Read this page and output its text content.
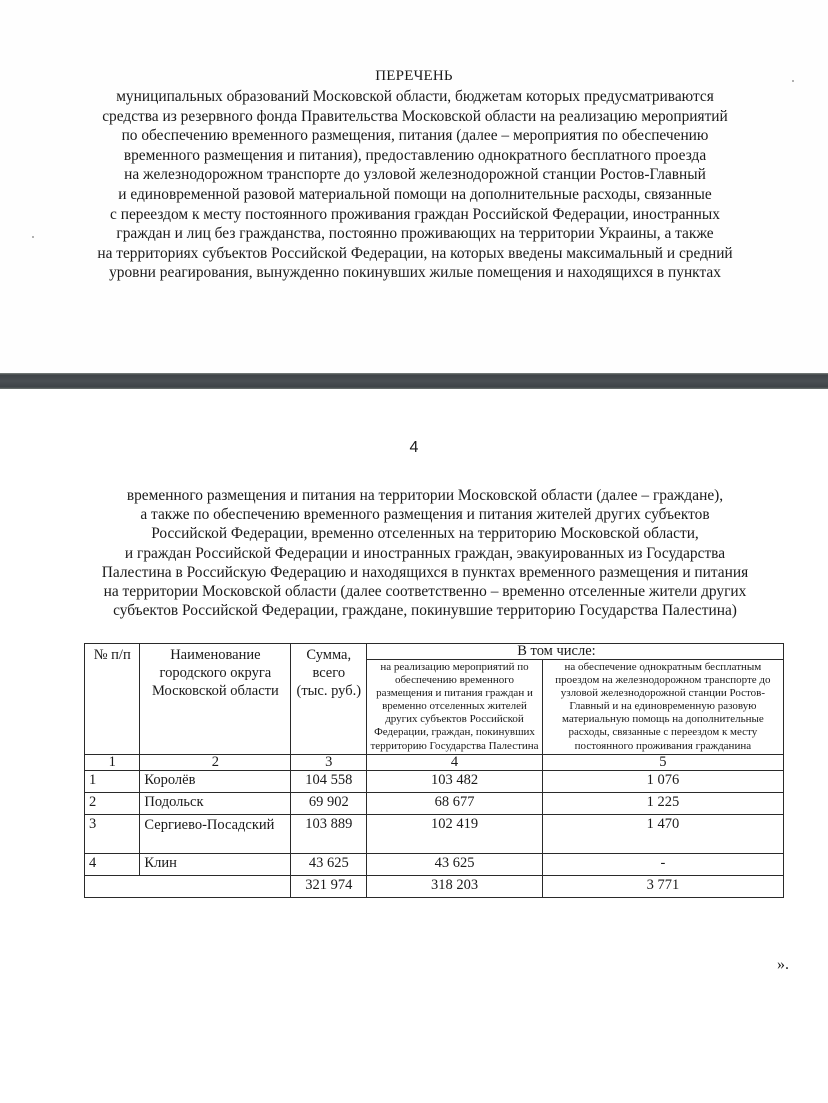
ПЕРЕЧЕНЬ
муниципальных образований Московской области, бюджетам которых предусматриваются
средства из резервного фонда Правительства Московской области на реализацию мероприятий
по обеспечению временного размещения, питания (далее – мероприятия по обеспечению
временного размещения и питания), предоставлению однократного бесплатного проезда
на железнодорожном транспорте до узловой железнодорожной станции Ростов-Главный
и единовременной разовой материальной помощи на дополнительные расходы, связанные
с переездом к месту постоянного проживания граждан Российской Федерации, иностранных
граждан и лиц без гражданства, постоянно проживающих на территории Украины, а также
на территориях субъектов Российской Федерации, на которых введены максимальный и средний
уровни реагирования, вынужденно покинувших жилые помещения и находящихся в пунктах
4
временного размещения и питания на территории Московской области (далее – граждане),
а также по обеспечению временного размещения и питания жителей других субъектов
Российской Федерации, временно отселенных на территорию Московской области,
и граждан Российской Федерации и иностранных граждан, эвакуированных из Государства
Палестина в Российскую Федерацию и находящихся в пунктах временного размещения и питания
на территории Московской области (далее соответственно – временно отселенные жители других
субъектов Российской Федерации, граждане, покинувшие территорию Государства Палестина)
№ п/п	Наименование городского округа Московской области	Сумма, всего (тыс. руб.)	В том числе:	
на реализацию мероприятий по обеспечению временного размещения и питания граждан и временно отселенных жителей других субъектов Российской Федерации, граждан, покинувших территорию Государства Палестина	на обеспечение однократным бесплатным проездом на железнодорожном транспорте до узловой железнодорожной станции Ростов-Главный и на единовременную разовую материальную помощь на дополнительные расходы, связанные с переездом к месту постоянного проживания гражданина
1	2	3	4	5
1	Королёв	104 558	103 482	1 076
2	Подольск	69 902	68 677	1 225
3	Сергиево-Посадский	103 889	102 419	1 470
4	Клин	43 625	43 625	-
		321 974	318 203	3 771
».
